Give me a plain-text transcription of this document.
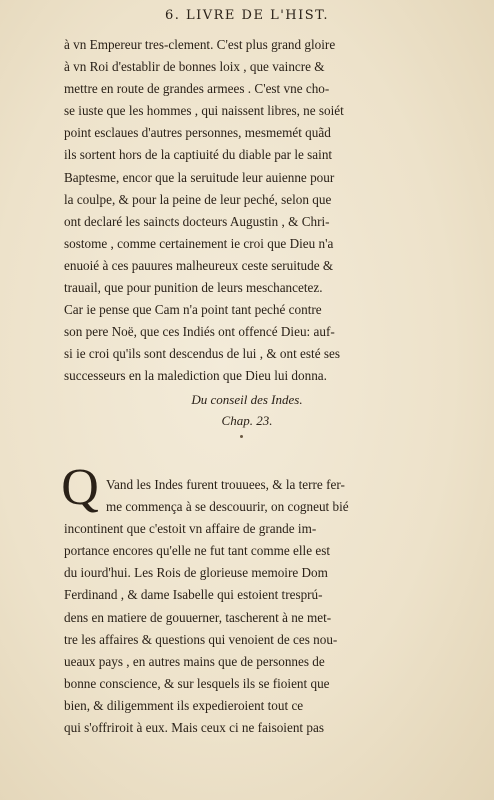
6. LIVRE DE L'HIST.
à vn Empereur tres-clement. C'est plus grand gloire
à vn Roi d'establir de bonnes loix , que vaincre &
mettre en route de grandes armees . C'est vne cho-
se iuste que les hommes , qui naissent libres, ne soiét
point esclaues d'autres personnes, mesmemét quãd
ils sortent hors de la captiuité du diable par le saint
Baptesme, encor que la seruitude leur auienne pour
la coulpe, & pour la peine de leur peché, selon que
ont declaré les saincts docteurs Augustin , & Chri-
sostome , comme certainement ie croi que Dieu n'a
enuoié à ces pauures malheureux ceste seruitude &
trauail, que pour punition de leurs meschancetez.
Car ie pense que Cam n'a point tant peché contre
son pere Noë, que ces Indiés ont offencé Dieu: auf-
si ie croi qu'ils sont descendus de lui , & ont esté ses
successeurs en la malediction que Dieu lui donna.
Du conseil des Indes.
Chap. 23.
Q Vand les Indes furent trouuees, & la terre fer-
me commença à se descouurir, on cogneut bié
incontinent que c'estoit vn affaire de grande im-
portance encores qu'elle ne fut tant comme elle est
du iourd'hui. Les Rois de glorieuse memoire Dom
Ferdinand , & dame Isabelle qui estoient tresprú-
dens en matiere de gouuerner, tascherent à ne met-
tre les affaires & questions qui venoient de ces nou-
ueaux pays , en autres mains que de personnes de
bonne conscience, & sur lesquels ils se fioient que
bien, & diligemment ils expedieroient tout ce
qui s'offriroit à eux. Mais ceux ci ne faisoient pas
